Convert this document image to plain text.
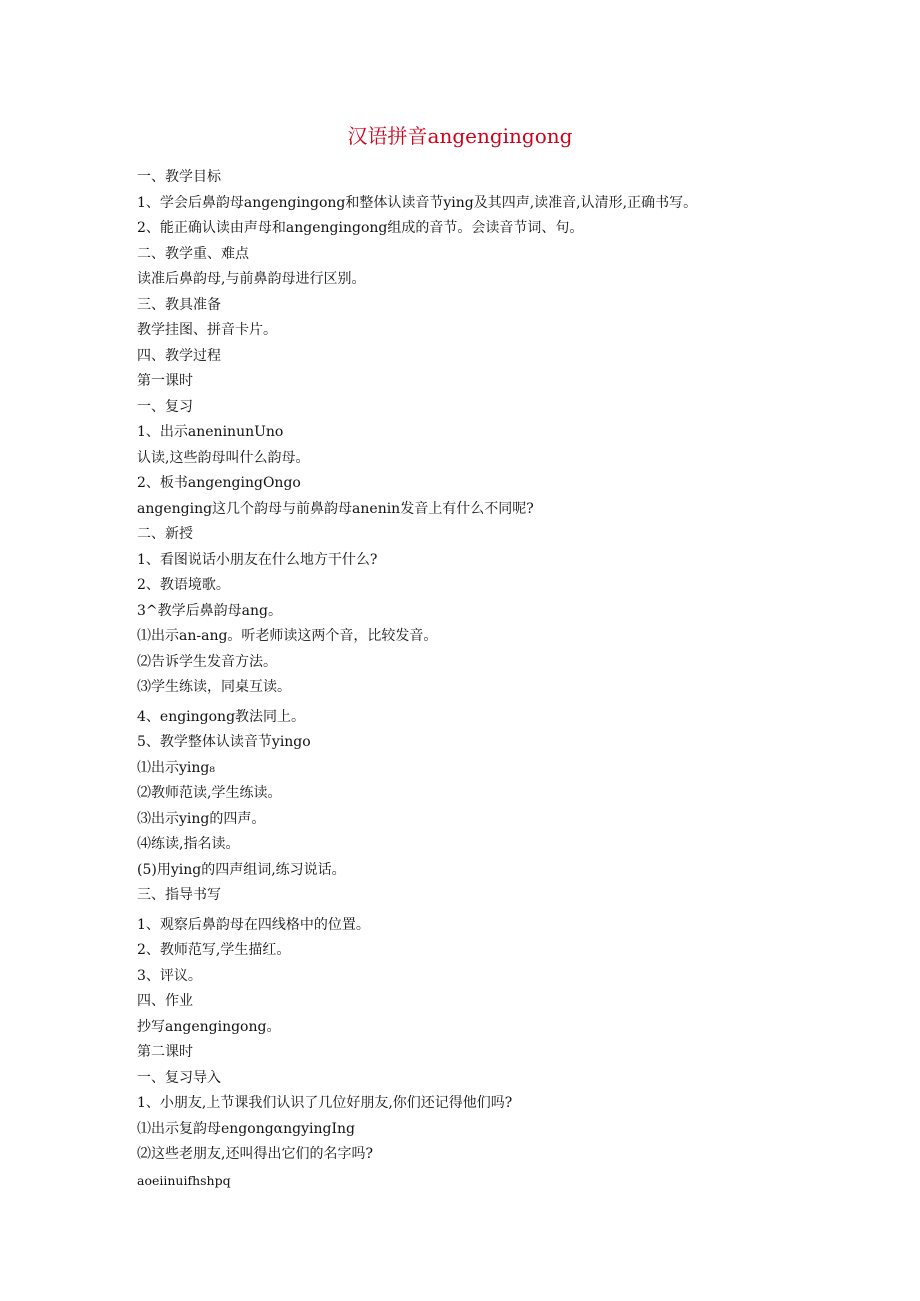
汉语拼音angengingong
一、教学目标
1、学会后鼻韵母angengingong和整体认读音节ying及其四声,读准音,认清形,正确书写。
2、能正确认读由声母和angengingong组成的音节。会读音节词、句。
二、教学重、难点
读准后鼻韵母,与前鼻韵母进行区别。
三、教具准备
教学挂图、拼音卡片。
四、教学过程
第一课时
一、复习
1、出示aneninunUno
认读,这些韵母叫什么韵母。
2、板书angengingOngo
angenging这几个韵母与前鼻韵母anenin发音上有什么不同呢?
二、新授
1、看图说话小朋友在什么地方干什么?
2、教语境歌。
3^教学后鼻韵母ang。
⑴出示an-ang。听老师读这两个音，比较发音。
⑵告诉学生发音方法。
⑶学生练读，同桌互读。
4、engingong教法同上。
5、教学整体认读音节yingo
⑴出示ying₈
⑵教师范读,学生练读。
⑶出示ying的四声。
⑷练读,指名读。
(5)用ying的四声组词,练习说话。
三、指导书写
1、观察后鼻韵母在四线格中的位置。
2、教师范写,学生描红。
3、评议。
四、作业
抄写angengingong。
第二课时
一、复习导入
1、小朋友,上节课我们认识了几位好朋友,你们还记得他们吗?
⑴出示复韵母engongαngyingIng
⑵这些老朋友,还叫得出它们的名字吗?
aoeiinuifhshpq
